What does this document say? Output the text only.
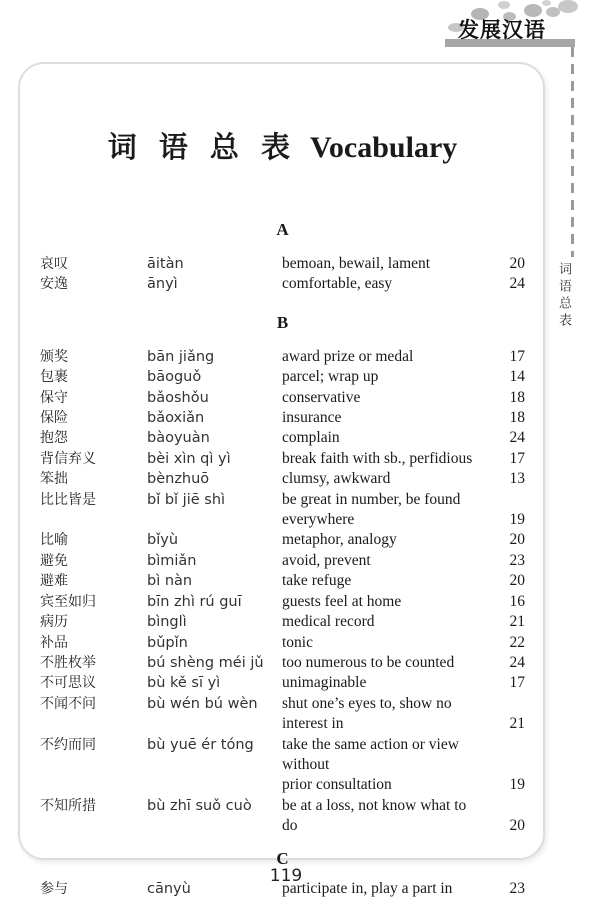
发展汉语
词语总表
词 语 总 表 Vocabulary
A
哀叹	āitàn	bemoan, bewail, lament	20
安逸	ānyì	comfortable, easy	24
B
颁奖	bān jiǎng	award prize or medal	17
包裹	bāoguǒ	parcel; wrap up	14
保守	bǎoshǒu	conservative	18
保险	bǎoxiǎn	insurance	18
抱怨	bàoyuàn	complain	24
背信弃义	bèi xìn qì yì	break faith with sb., perfidious	17
笨拙	bènzhuō	clumsy, awkward	13
比比皆是	bǐ bǐ jiē shì	be great in number, be found
everywhere	19
比喻	bǐyù	metaphor, analogy	20
避免	bìmiǎn	avoid, prevent	23
避难	bì nàn	take refuge	20
宾至如归	bīn zhì rú guī	guests feel at home	16
病历	bìnglì	medical record	21
补品	bǔpǐn	tonic	22
不胜枚举	bú shèng méi jǔ	too numerous to be counted	24
不可思议	bù kě sī yì	unimaginable	17
不闻不问	bù wén bú wèn	shut one’s eyes to, show no
interest in	21
不约而同	bù yuē ér tóng	take the same action or view without
prior consultation	19
不知所措	bù zhī suǒ cuò	be at a loss, not know what to do	20
C
参与	cānyù	participate in, play a part in	23
119
